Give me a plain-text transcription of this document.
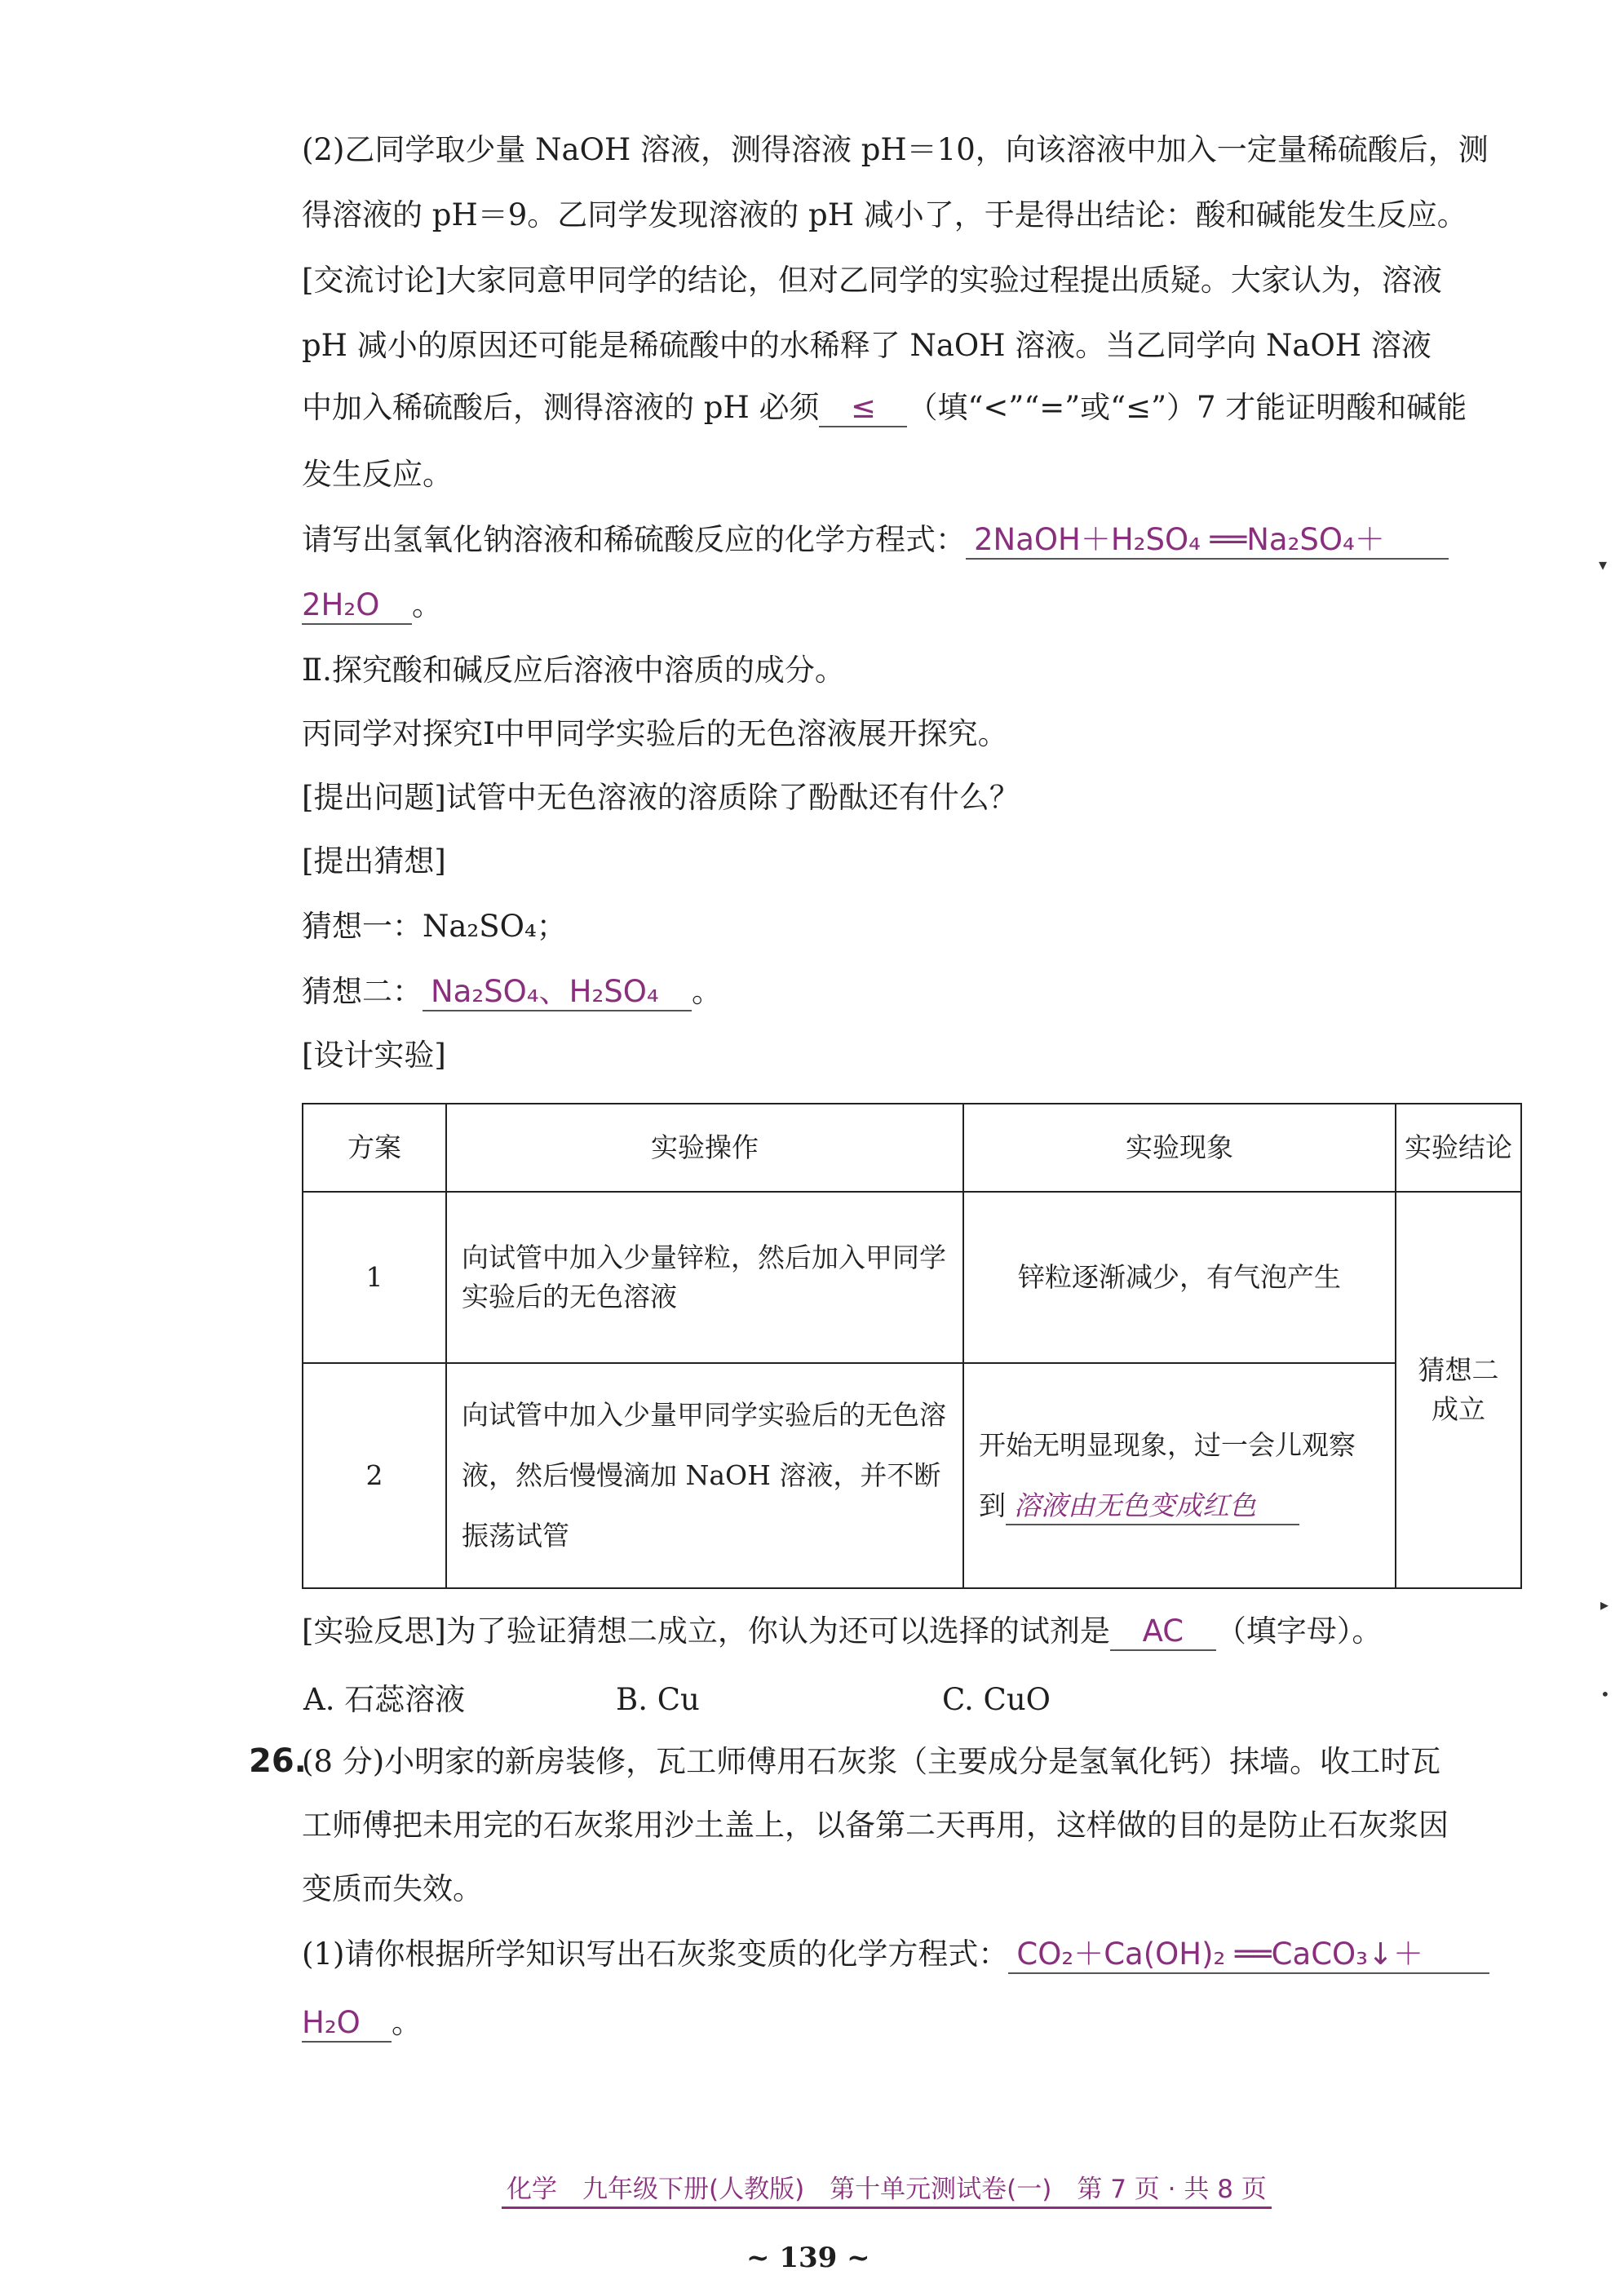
(2)乙同学取少量 NaOH 溶液，测得溶液 pH＝10，向该溶液中加入一定量稀硫酸后，测
得溶液的 pH＝9。乙同学发现溶液的 pH 减小了，于是得出结论：酸和碱能发生反应。
[交流讨论]大家同意甲同学的结论，但对乙同学的实验过程提出质疑。大家认为，溶液
pH 减小的原因还可能是稀硫酸中的水稀释了 NaOH 溶液。当乙同学向 NaOH 溶液
中加入稀硫酸后，测得溶液的 pH 必须 ≤ （填“<”“=”或“≤”）7 才能证明酸和碱能
发生反应。
请写出氢氧化钠溶液和稀硫酸反应的化学方程式： 2NaOH＋H₂SO₄ ══Na₂SO₄＋
2H₂O 。
Ⅱ.探究酸和碱反应后溶液中溶质的成分。
丙同学对探究Ⅰ中甲同学实验后的无色溶液展开探究。
[提出问题]试管中无色溶液的溶质除了酚酞还有什么？
[提出猜想]
猜想一：Na₂SO₄；
猜想二： Na₂SO₄、H₂SO₄ 。
[设计实验]
方案	实验操作	实验现象	实验结论
1	向试管中加入少量锌粒，然后加入甲同学实验后的无色溶液	锌粒逐渐减少，有气泡产生	猜想二成立
2	向试管中加入少量甲同学实验后的无色溶液，然后慢慢滴加 NaOH 溶液，并不断振荡试管	开始无明显现象，过一会儿观察到 溶液由无色变成红色	
[实验反思]为了验证猜想二成立，你认为还可以选择的试剂是 AC （填字母）。
A. 石蕊溶液	B. Cu	C. CuO
26.
(8 分)小明家的新房装修，瓦工师傅用石灰浆（主要成分是氢氧化钙）抹墙。收工时瓦
工师傅把未用完的石灰浆用沙土盖上，以备第二天再用，这样做的目的是防止石灰浆因
变质而失效。
(1)请你根据所学知识写出石灰浆变质的化学方程式： CO₂＋Ca(OH)₂ ══CaCO₃↓＋
H₂O 。
化学　九年级下册(人教版)　第十单元测试卷(一)　第 7 页 · 共 8 页
~ 139 ~
▾
▸
•
